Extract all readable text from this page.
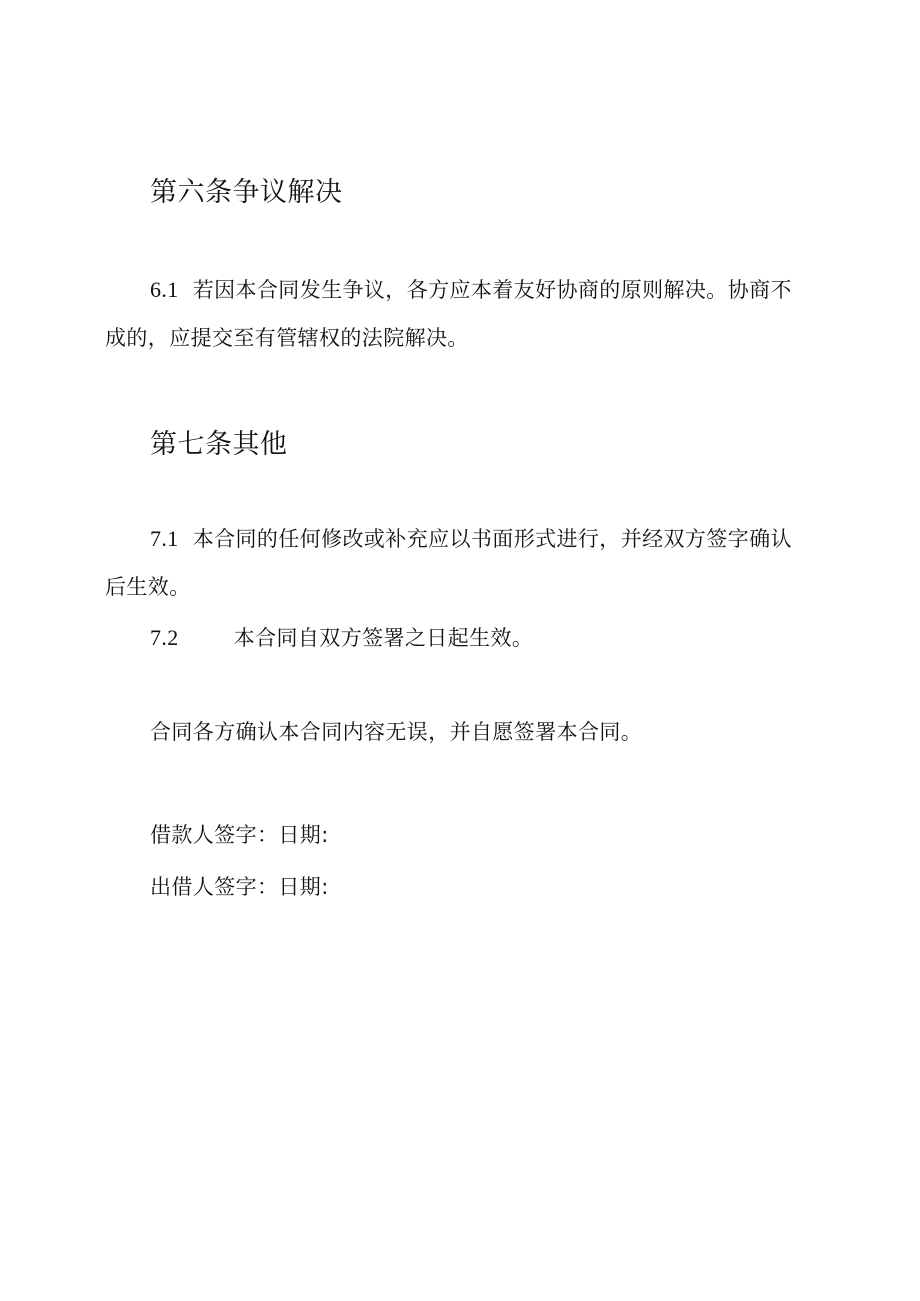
第六条争议解决
6.1 若因本合同发生争议，各方应本着友好协商的原则解决。协商不成的，应提交至有管辖权的法院解决。
第七条其他
7.1 本合同的任何修改或补充应以书面形式进行，并经双方签字确认后生效。
7.2	本合同自双方签署之日起生效。
合同各方确认本合同内容无误，并自愿签署本合同。
借款人签字：日期:
出借人签字：日期:
